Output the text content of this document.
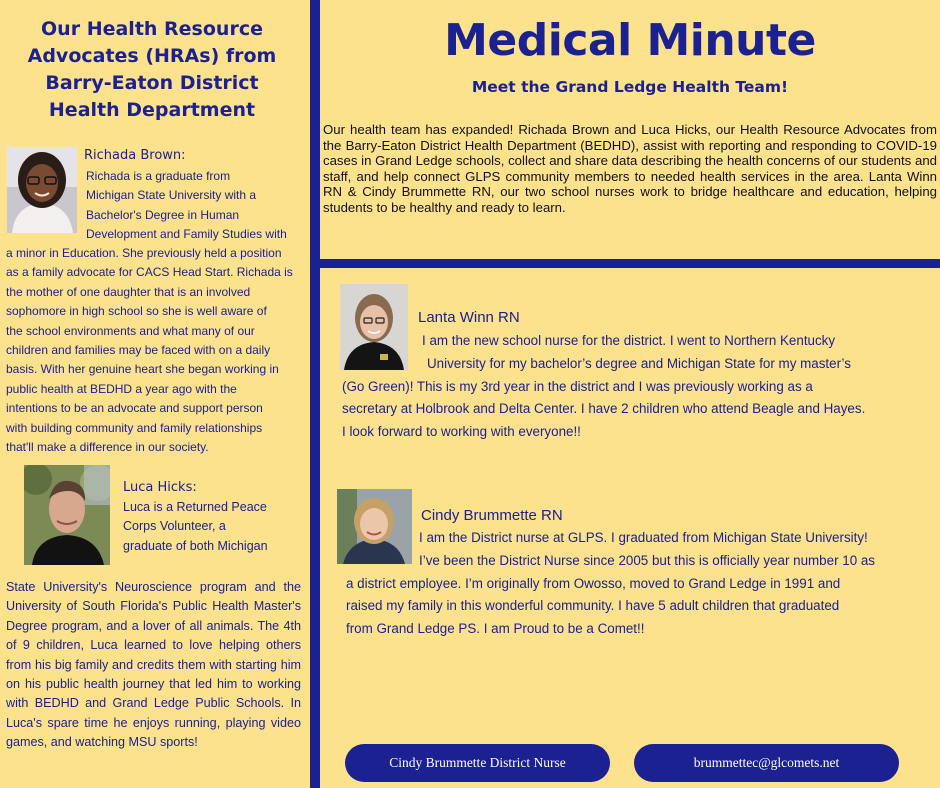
Our Health Resource Advocates (HRAs) from Barry-Eaton District Health Department
Richada Brown:
Richada is a graduate from
Michigan State University with a
Bachelor's Degree in Human
Development and Family Studies with
a minor in Education. She previously held a position
as a family advocate for CACS Head Start. Richada is
the mother of one daughter that is an involved
sophomore in high school so she is well aware of
the school environments and what many of our
children and families may be faced with on a daily
basis. With her genuine heart she began working in
public health at BEDHD a year ago with the
intentions to be an advocate and support person
with building community and family relationships
that'll make a difference in our society.
Luca Hicks:
Luca is a Returned Peace
Corps Volunteer, a
graduate of both Michigan
State University's Neuroscience program and the University of South Florida's Public Health Master's Degree program, and a lover of all animals. The 4th of 9 children, Luca learned to love helping others from his big family and credits them with starting him on his public health journey that led him to working with BEDHD and Grand Ledge Public Schools. In Luca's spare time he enjoys running, playing video games, and watching MSU sports!
Medical Minute
Meet the Grand Ledge Health Team!
Our health team has expanded! Richada Brown and Luca Hicks, our Health Resource Advocates from the Barry-Eaton District Health Department (BEDHD), assist with reporting and responding to COVID-19 cases in Grand Ledge schools, collect and share data describing the health concerns of our students and staff, and help connect GLPS community members to needed health services in the area. Lanta Winn RN & Cindy Brummette RN, our two school nurses work to bridge healthcare and education, helping students to be healthy and ready to learn.
Lanta Winn RN
I am the new school nurse for the district. I went to Northern Kentucky
University for my bachelor’s degree and Michigan State for my master’s
(Go Green)! This is my 3rd year in the district and I was previously working as a
secretary at Holbrook and Delta Center. I have 2 children who attend Beagle and Hayes.
I look forward to working with everyone!!
Cindy Brummette RN
I am the District nurse at GLPS. I graduated from Michigan State University!
I’ve been the District Nurse since 2005 but this is officially year number 10 as
a district employee. I’m originally from Owosso, moved to Grand Ledge in 1991 and
raised my family in this wonderful community. I have 5 adult children that graduated
from Grand Ledge PS. I am Proud to be a Comet!!
Cindy Brummette District Nurse	brummettec@glcomets.net
